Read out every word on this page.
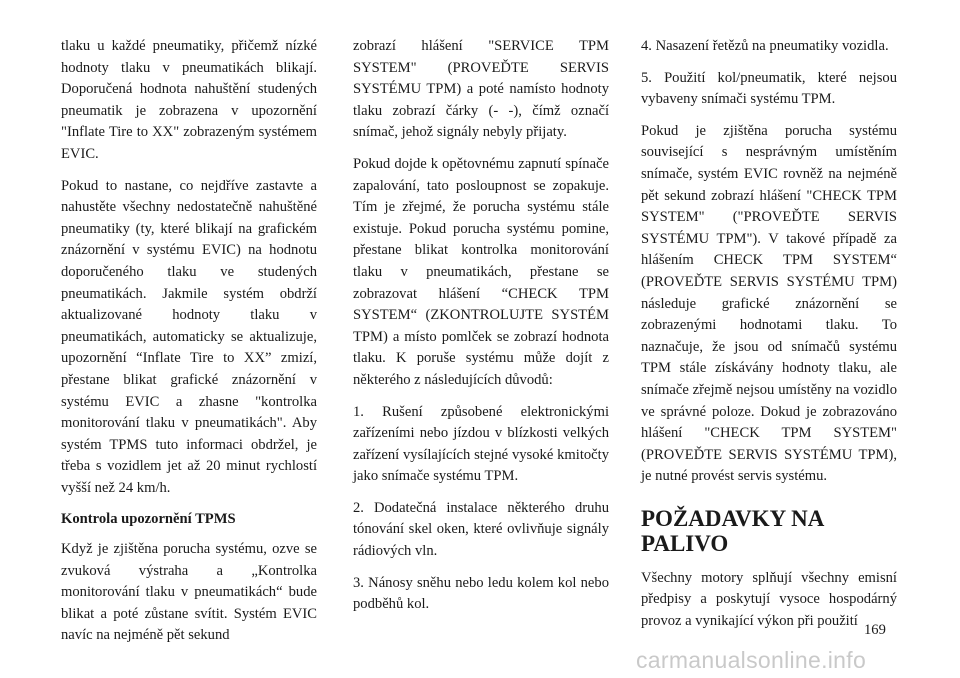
tlaku u každé pneumatiky, přičemž nízké hodnoty tlaku v pneumatikách blikají. Doporučená hodnota nahuštění studených pneumatik je zobrazena v upozornění "Inflate Tire to XX" zobrazeným systémem EVIC.

Pokud to nastane, co nejdříve zastavte a nahustěte všechny nedostatečně nahuštěné pneumatiky (ty, které blikají na grafickém znázornění v systému EVIC) na hodnotu doporučeného tlaku ve studených pneumatikách. Jakmile systém obdrží aktualizované hodnoty tlaku v pneumatikách, automaticky se aktualizuje, upozornění “Inflate Tire to XX” zmizí, přestane blikat grafické znázornění v systému EVIC a zhasne "kontrolka monitorování tlaku v pneumatikách". Aby systém TPMS tuto informaci obdržel, je třeba s vozidlem jet až 20 minut rychlostí vyšší než 24 km/h.

Kontrola upozornění TPMS

Když je zjištěna porucha systému, ozve se zvuková výstraha a „Kontrolka monitorování tlaku v pneumatikách“ bude blikat a poté zůstane svítit. Systém EVIC navíc na nejméně pět sekund

zobrazí hlášení "SERVICE TPM SYSTEM" (PROVEĎTE SERVIS SYSTÉMU TPM) a poté namísto hodnoty tlaku zobrazí čárky (- -), čímž označí snímač, jehož signály nebyly přijaty.

Pokud dojde k opětovnému zapnutí spínače zapalování, tato posloupnost se zopakuje. Tím je zřejmé, že porucha systému stále existuje. Pokud porucha systému pomine, přestane blikat kontrolka monitorování tlaku v pneumatikách, přestane se zobrazovat hlášení “CHECK TPM SYSTEM“ (ZKONTROLUJTE SYSTÉM TPM) a místo pomlček se zobrazí hodnota tlaku. K poruše systému může dojít z některého z následujících důvodů:

1. Rušení způsobené elektronickými zařízeními nebo jízdou v blízkosti velkých zařízení vysílajících stejné vysoké kmitočty jako snímače systému TPM.

2. Dodatečná instalace některého druhu tónování skel oken, které ovlivňuje signály rádiových vln.

3. Nánosy sněhu nebo ledu kolem kol nebo podběhů kol.

4. Nasazení řetězů na pneumatiky vozidla.

5. Použití kol/pneumatik, které nejsou vybaveny snímači systému TPM.

Pokud je zjištěna porucha systému související s nesprávným umístěním snímače, systém EVIC rovněž na nejméně pět sekund zobrazí hlášení "CHECK TPM SYSTEM" ("PROVEĎTE SERVIS SYSTÉMU TPM"). V takové případě za hlášením CHECK TPM SYSTEM“ (PROVEĎTE SERVIS SYSTÉMU TPM) následuje grafické znázornění se zobrazenými hodnotami tlaku. To naznačuje, že jsou od snímačů systému TPM stále získávány hodnoty tlaku, ale snímače zřejmě nejsou umístěny na vozidlo ve správné poloze. Dokud je zobrazováno hlášení "CHECK TPM SYSTEM" (PROVEĎTE SERVIS SYSTÉMU TPM), je nutné provést servis systému.

POŽADAVKY NA PALIVO

Všechny motory splňují všechny emisní předpisy a poskytují vysoce hospodárný provoz a vynikající výkon při použití

169
carmanualsonline.info
